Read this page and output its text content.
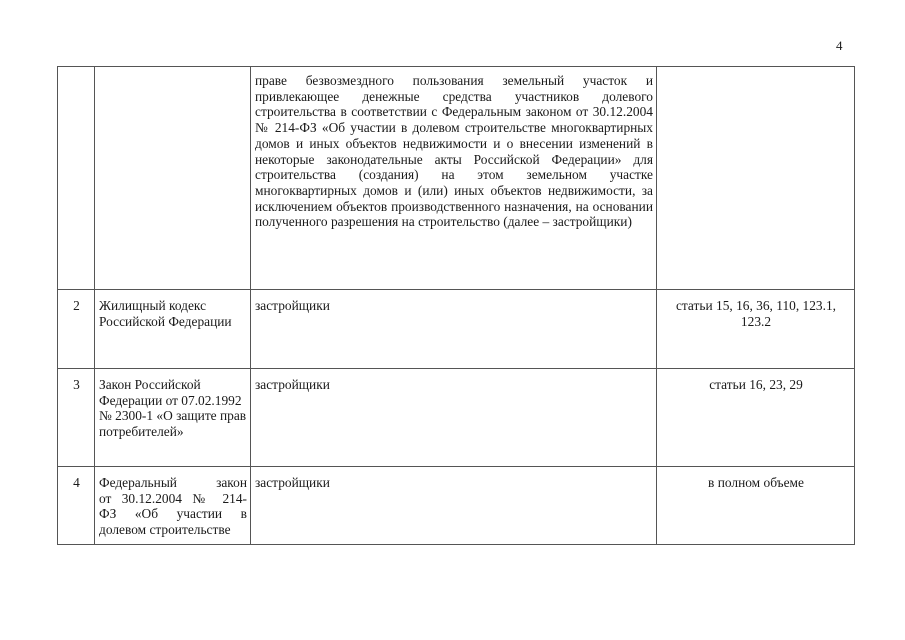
4

		праве безвозмездного пользования земельный участок и привлекающее денежные средства участников долевого строительства в соответствии с Федеральным законом от 30.12.2004 № 214-ФЗ «Об участии в долевом строительстве многоквартирных домов и иных объектов недвижимости и о внесении изменений в некоторые законодательные акты Российской Федерации» для строительства (создания) на этом земельном участке многоквартирных домов и (или) иных объектов недвижимости, за исключением объектов производственного назначения, на основании полученного разрешения на строительство (далее – застройщики)	

2	Жилищный кодекс Российской Федерации	застройщики	статьи 15, 16, 36, 110, 123.1, 123.2
3	Закон Российской Федерации от 07.02.1992 № 2300-1 «О защите прав потребителей»	застройщики	статьи 16, 23, 29
4	Федеральный закон
от 30.12.2004 № 214-
ФЗ «Об участии в
долевом строительстве	застройщики	в полном объеме
